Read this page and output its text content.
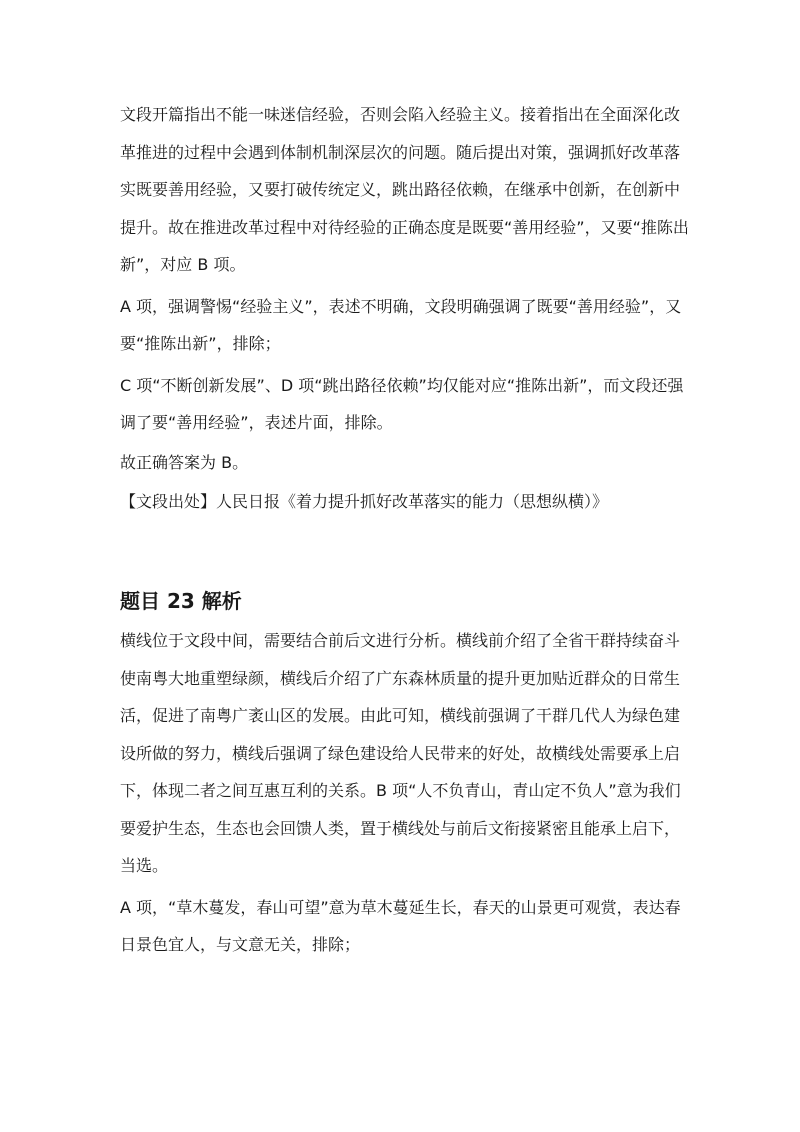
文段开篇指出不能一味迷信经验，否则会陷入经验主义。接着指出在全面深化改革推进的过程中会遇到体制机制深层次的问题。随后提出对策，强调抓好改革落实既要善用经验，又要打破传统定义，跳出路径依赖，在继承中创新，在创新中提升。故在推进改革过程中对待经验的正确态度是既要“善用经验”，又要“推陈出新”，对应 B 项。

A 项，强调警惕“经验主义”，表述不明确，文段明确强调了既要“善用经验”，又要“推陈出新”，排除；

C 项“不断创新发展”、D 项“跳出路径依赖”均仅能对应“推陈出新”，而文段还强调了要“善用经验”，表述片面，排除。

故正确答案为 B。

【文段出处】人民日报《着力提升抓好改革落实的能力（思想纵横）》

题目 23 解析

横线位于文段中间，需要结合前后文进行分析。横线前介绍了全省干群持续奋斗使南粤大地重塑绿颜，横线后介绍了广东森林质量的提升更加贴近群众的日常生活，促进了南粤广袤山区的发展。由此可知，横线前强调了干群几代人为绿色建设所做的努力，横线后强调了绿色建设给人民带来的好处，故横线处需要承上启下，体现二者之间互惠互利的关系。B 项“人不负青山，青山定不负人”意为我们要爱护生态，生态也会回馈人类，置于横线处与前后文衔接紧密且能承上启下，当选。

A 项，“草木蔓发，春山可望”意为草木蔓延生长，春天的山景更可观赏，表达春日景色宜人，与文意无关，排除；
